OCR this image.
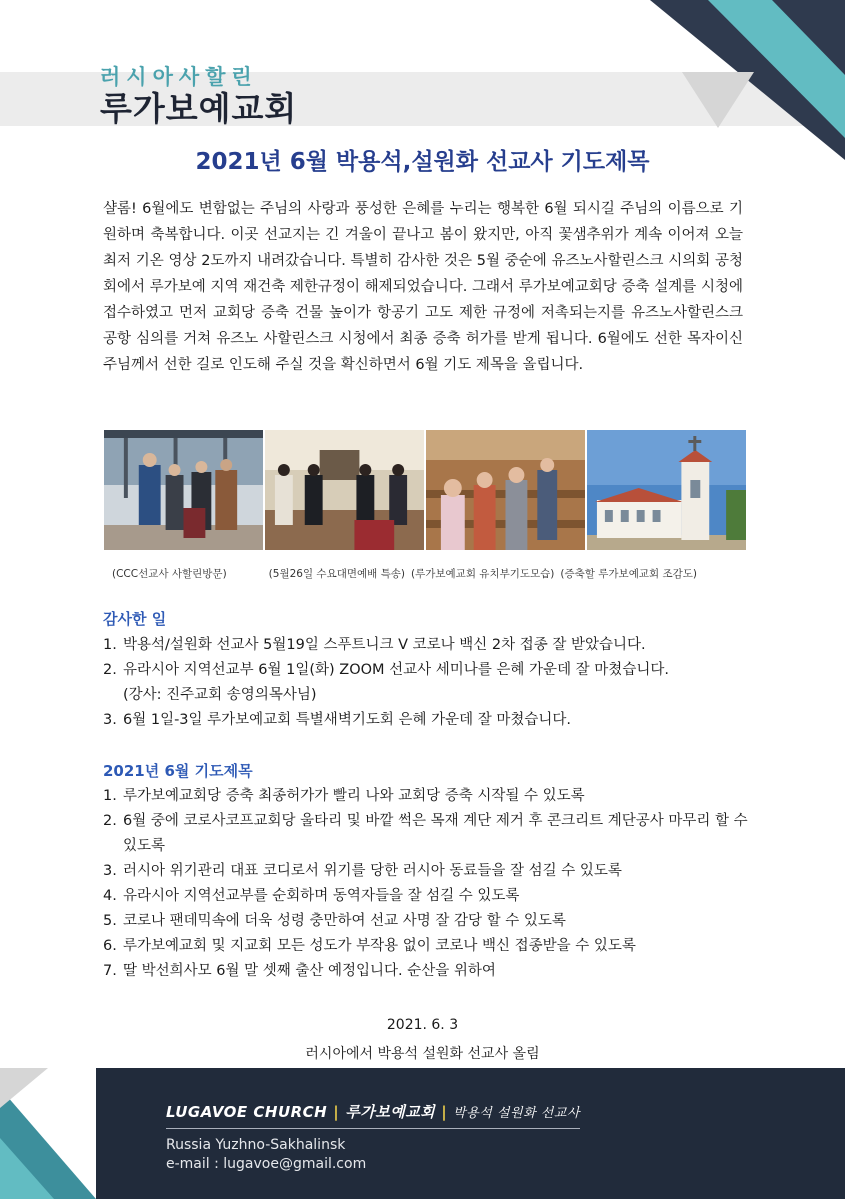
러시아사할린
루가보예교회
2021년 6월 박용석,설원화 선교사 기도제목

샬롬! 6월에도 변함없는 주님의 사랑과 풍성한 은혜를 누리는 행복한 6월 되시길 주님의 이름으로 기원하며 축복합니다. 이곳 선교지는 긴 겨울이 끝나고 봄이 왔지만, 아직 꽃샘추위가 계속 이어져 오늘 최저 기온 영상 2도까지 내려갔습니다. 특별히 감사한 것은 5월 중순에 유즈노사할린스크 시의회 공청회에서 루가보예 지역 재건축 제한규정이 해제되었습니다. 그래서 루가보예교회당 증축 설계를 시청에 접수하였고 먼저 교회당 증축 건물 높이가 항공기 고도 제한 규정에 저촉되는지를 유즈노사할린스크 공항 심의를 거쳐 유즈노 사할린스크 시청에서 최종 증축 허가를 받게 됩니다. 6월에도 선한 목자이신 주님께서 선한 길로 인도해 주실 것을 확신하면서 6월 기도 제목을 올립니다.

(CCC선교사 사할린방문)	(5월26일 수요대면예배 특송) (루가보예교회 유치부기도모습) (증축할 루가보예교회 조감도)
감사한 일
1. 박용석/설원화 선교사 5월19일 스푸트니크 V 코로나 백신 2차 접종 잘 받았습니다.
2. 유라시아 지역선교부 6월 1일(화) ZOOM 선교사 세미나를 은혜 가운데 잘 마쳤습니다.
(강사: 진주교회 송영의목사님)
3. 6월 1일-3일 루가보예교회 특별새벽기도회 은혜 가운데 잘 마쳤습니다.
2021년 6월 기도제목
1. 루가보예교회당 증축 최종허가가 빨리 나와 교회당 증축 시작될 수 있도록
2. 6월 중에 코로사코프교회당 울타리 및 바깥 썩은 목재 계단 제거 후 콘크리트 계단공사 마무리 할 수 있도록
3. 러시아 위기관리 대표 코디로서 위기를 당한 러시아 동료들을 잘 섬길 수 있도록
4. 유라시아 지역선교부를 순회하며 동역자들을 잘 섬길 수 있도록
5. 코로나 팬데믹속에 더욱 성령 충만하여 선교 사명 잘 감당 할 수 있도록
6. 루가보예교회 및 지교회 모든 성도가 부작용 없이 코로나 백신 접종받을 수 있도록
7. 딸 박선희사모 6월 말 셋째 출산 예정입니다. 순산을 위하여
2021. 6. 3
러시아에서 박용석 설원화 선교사 올림
LUGAVOE CHURCH | 루가보예교회 | 박용석 설원화 선교사
Russia Yuzhno-Sakhalinsk
e-mail : lugavoe@gmail.com
